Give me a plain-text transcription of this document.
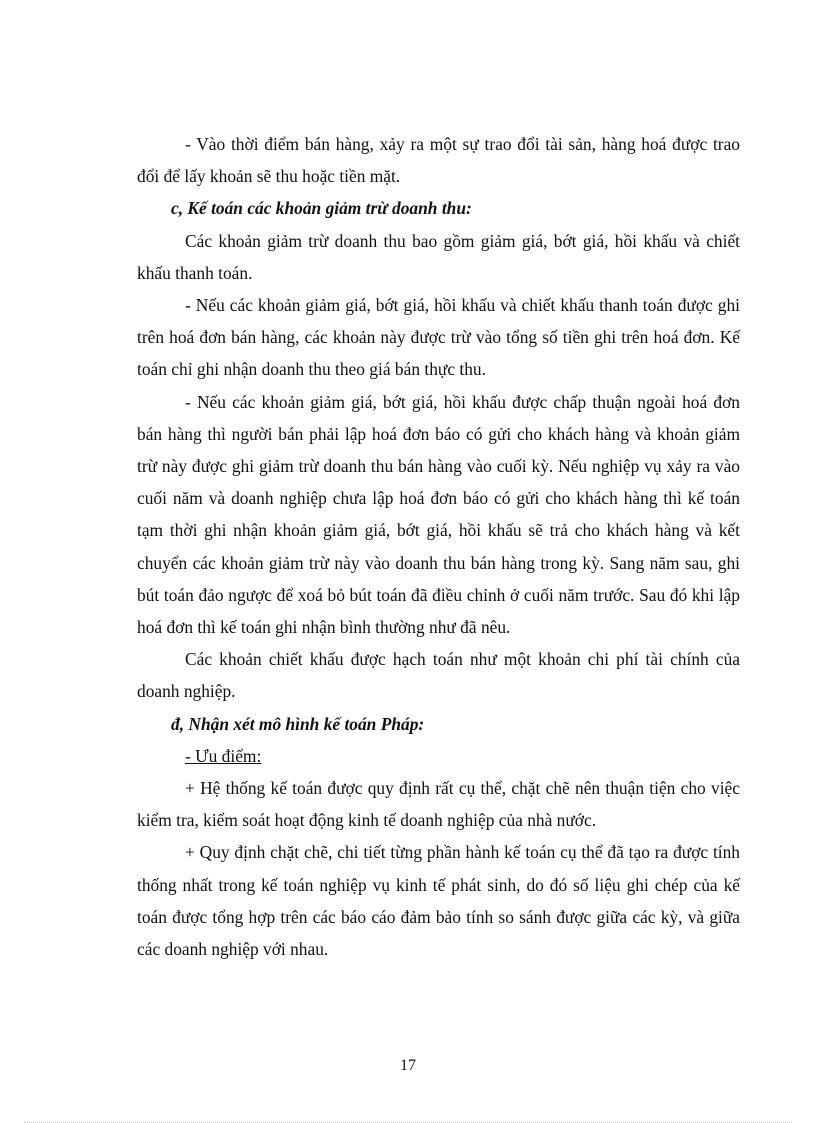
- Vào thời điểm bán hàng, xảy ra một sự trao đổi tài sản, hàng hoá được trao đổi để lấy khoản sẽ thu hoặc tiền mặt.

c, Kế toán các khoản giảm trừ doanh thu:

Các khoản giảm trừ doanh thu bao gồm giảm giá, bớt giá, hồi khấu và chiết khấu thanh toán.

- Nếu các khoản giảm giá, bớt giá, hồi khấu và chiết khấu thanh toán được ghi trên hoá đơn bán hàng, các khoản này được trừ vào tổng số tiền ghi trên hoá đơn. Kế toán chỉ ghi nhận doanh thu theo giá bán thực thu.

- Nếu các khoản giảm giá, bớt giá, hồi khấu được chấp thuận ngoài hoá đơn bán hàng thì người bán phải lập hoá đơn báo có gửi cho khách hàng và khoản giảm trừ này được ghi giảm trừ doanh thu bán hàng vào cuối kỳ. Nếu nghiệp vụ xảy ra vào cuối năm và doanh nghiệp chưa lập hoá đơn báo có gửi cho khách hàng thì kế toán tạm thời ghi nhận khoản giảm giá, bớt giá, hồi khấu sẽ trả cho khách hàng và kết chuyển các khoản giảm trừ này vào doanh thu bán hàng trong kỳ. Sang năm sau, ghi bút toán đảo ngược để xoá bỏ bút toán đã điều chỉnh ở cuối năm trước. Sau đó khi lập hoá đơn thì kế toán ghi nhận bình thường như đã nêu.

Các khoản chiết khấu được hạch toán như một khoản chi phí tài chính của doanh nghiệp.

đ, Nhận xét mô hình kế toán Pháp:

- Ưu điểm:

+ Hệ thống kế toán được quy định rất cụ thể, chặt chẽ nên thuận tiện cho việc kiểm tra, kiểm soát hoạt động kinh tế doanh nghiệp của nhà nước.

+ Quy định chặt chẽ, chi tiết từng phần hành kế toán cụ thể đã tạo ra được tính thống nhất trong kế toán nghiệp vụ kinh tế phát sinh, do đó số liệu ghi chép của kế toán được tổng hợp trên các báo cáo đảm bảo tính so sánh được giữa các kỳ, và giữa các doanh nghiệp với nhau.

17
